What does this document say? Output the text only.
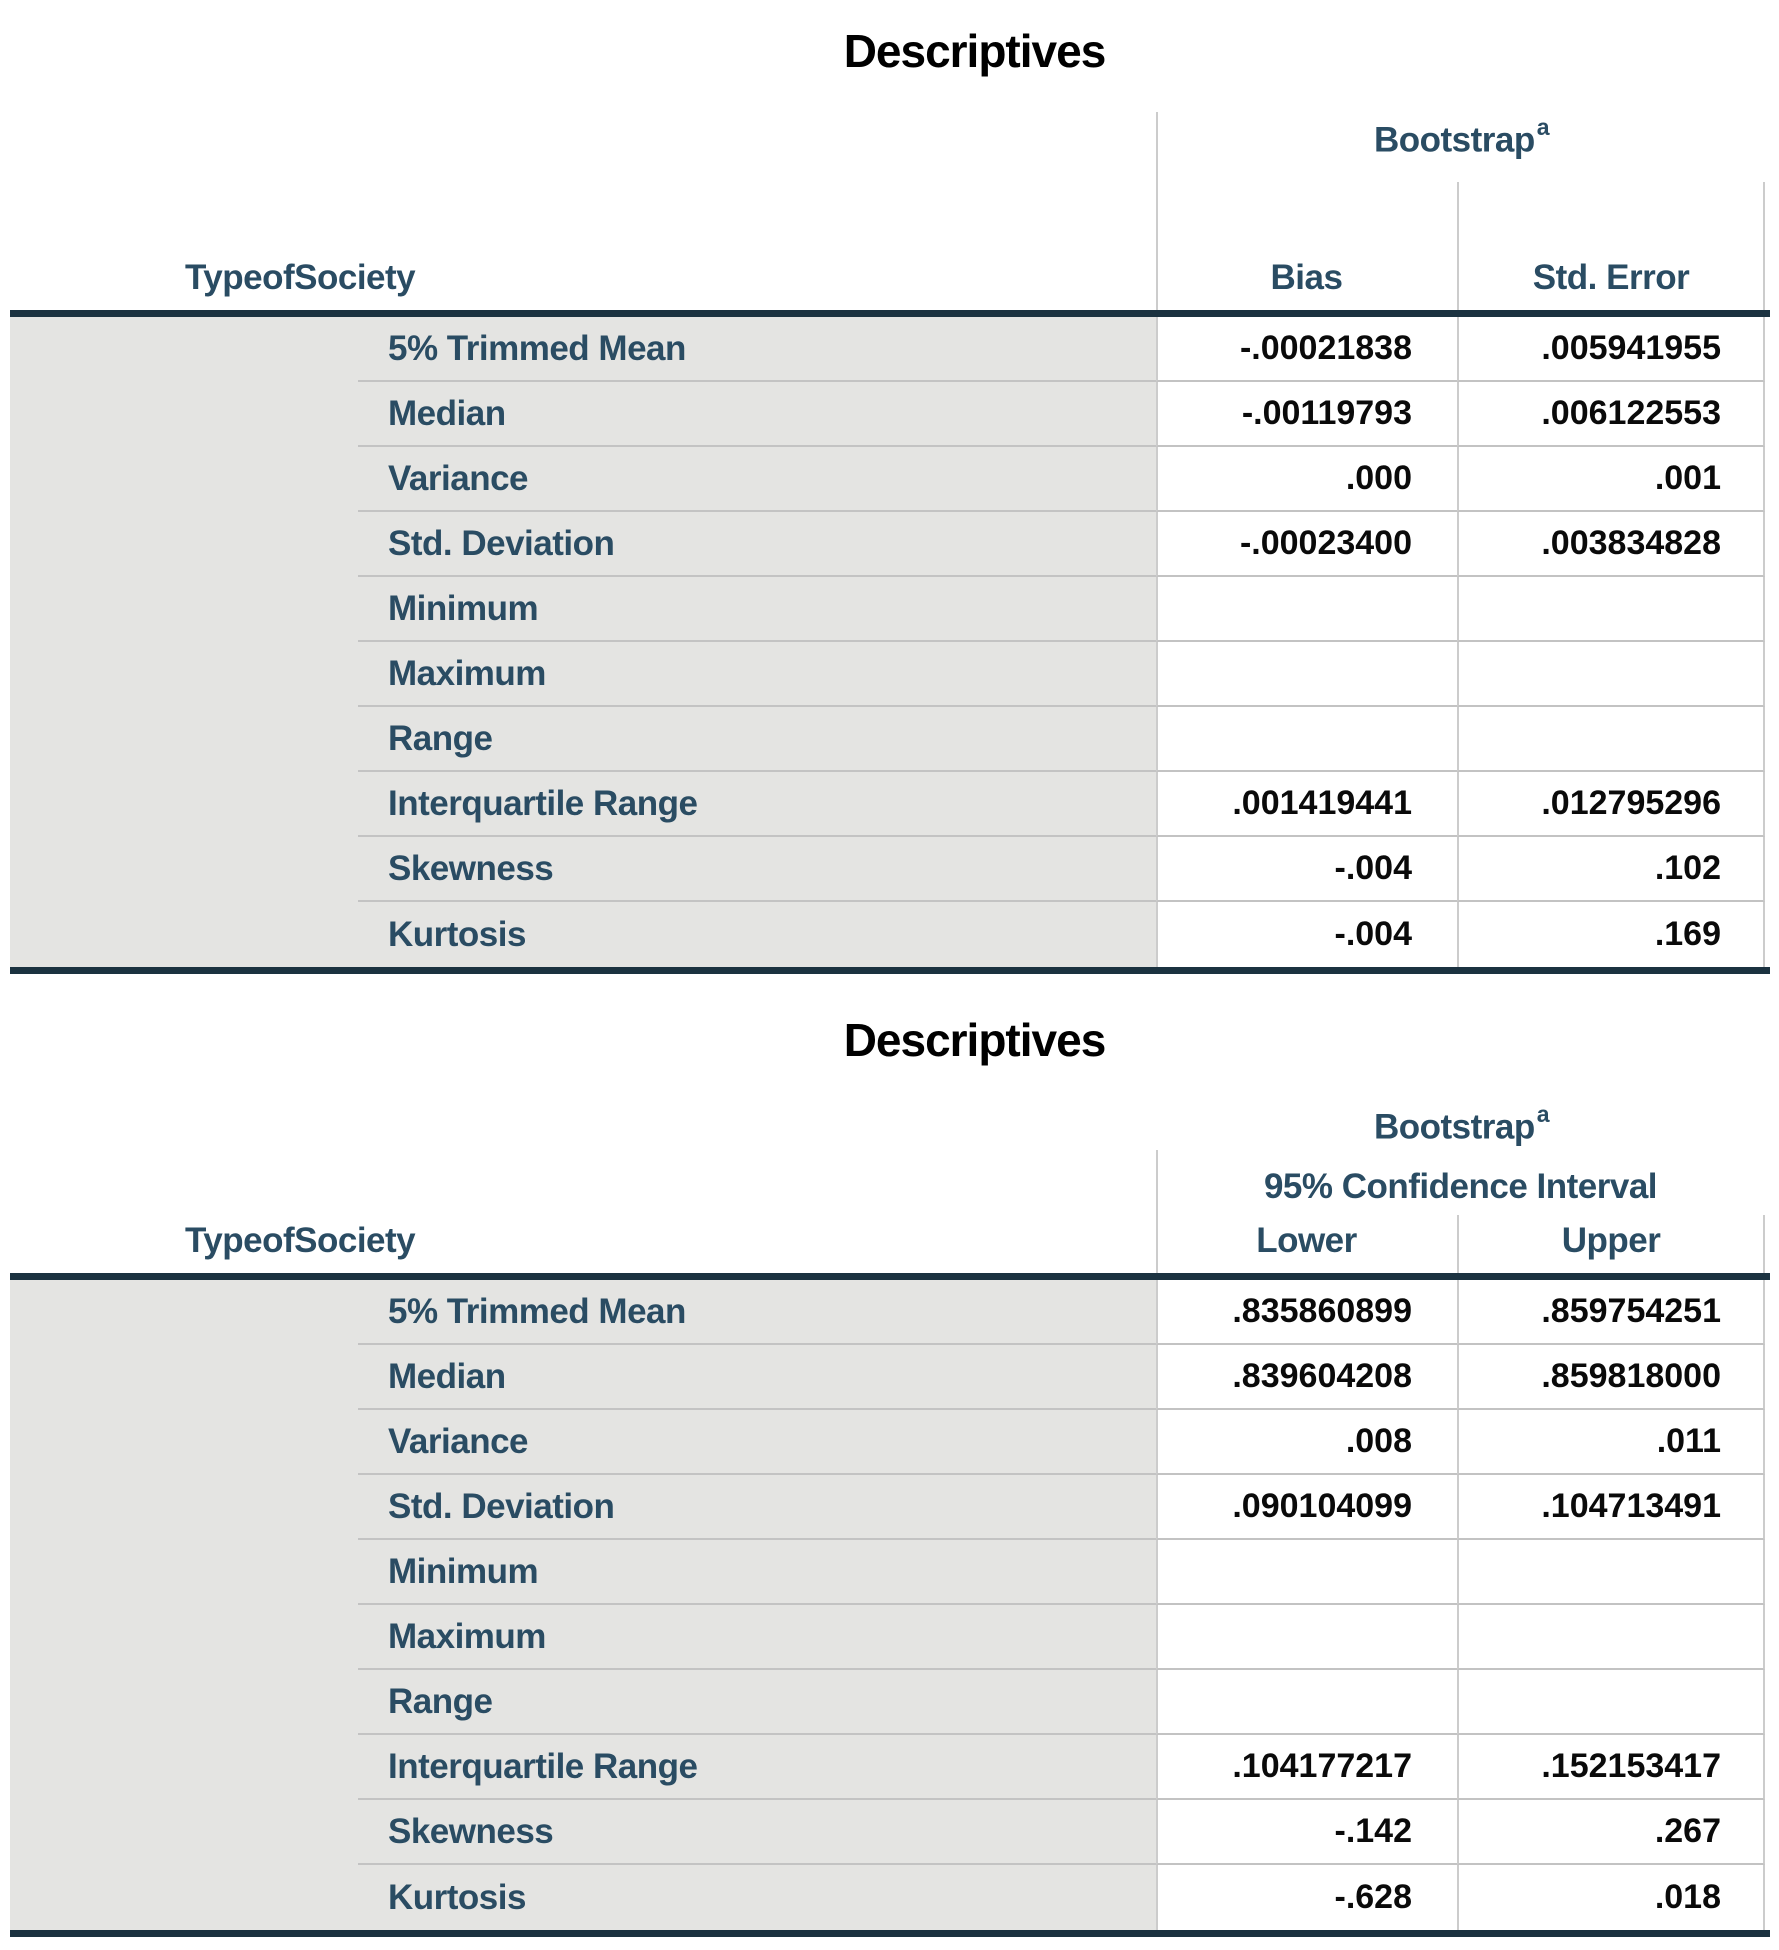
Descriptives
Bootstrap$^a$
TypeofSociety	Bias	Std. Error
5% Trimmed Mean	-.00021838	.005941955
Median	-.00119793	.006122553
Variance	.000	.001
Std. Deviation	-.00023400	.003834828
Minimum
Maximum
Range
Interquartile Range	.001419441	.012795296
Skewness	-.004	.102
Kurtosis	-.004	.169
Descriptives
Bootstrap$^a$
95% Confidence Interval
TypeofSociety	Lower	Upper
5% Trimmed Mean	.835860899	.859754251
Median	.839604208	.859818000
Variance	.008	.011
Std. Deviation	.090104099	.104713491
Minimum
Maximum
Range
Interquartile Range	.104177217	.152153417
Skewness	-.142	.267
Kurtosis	-.628	.018
